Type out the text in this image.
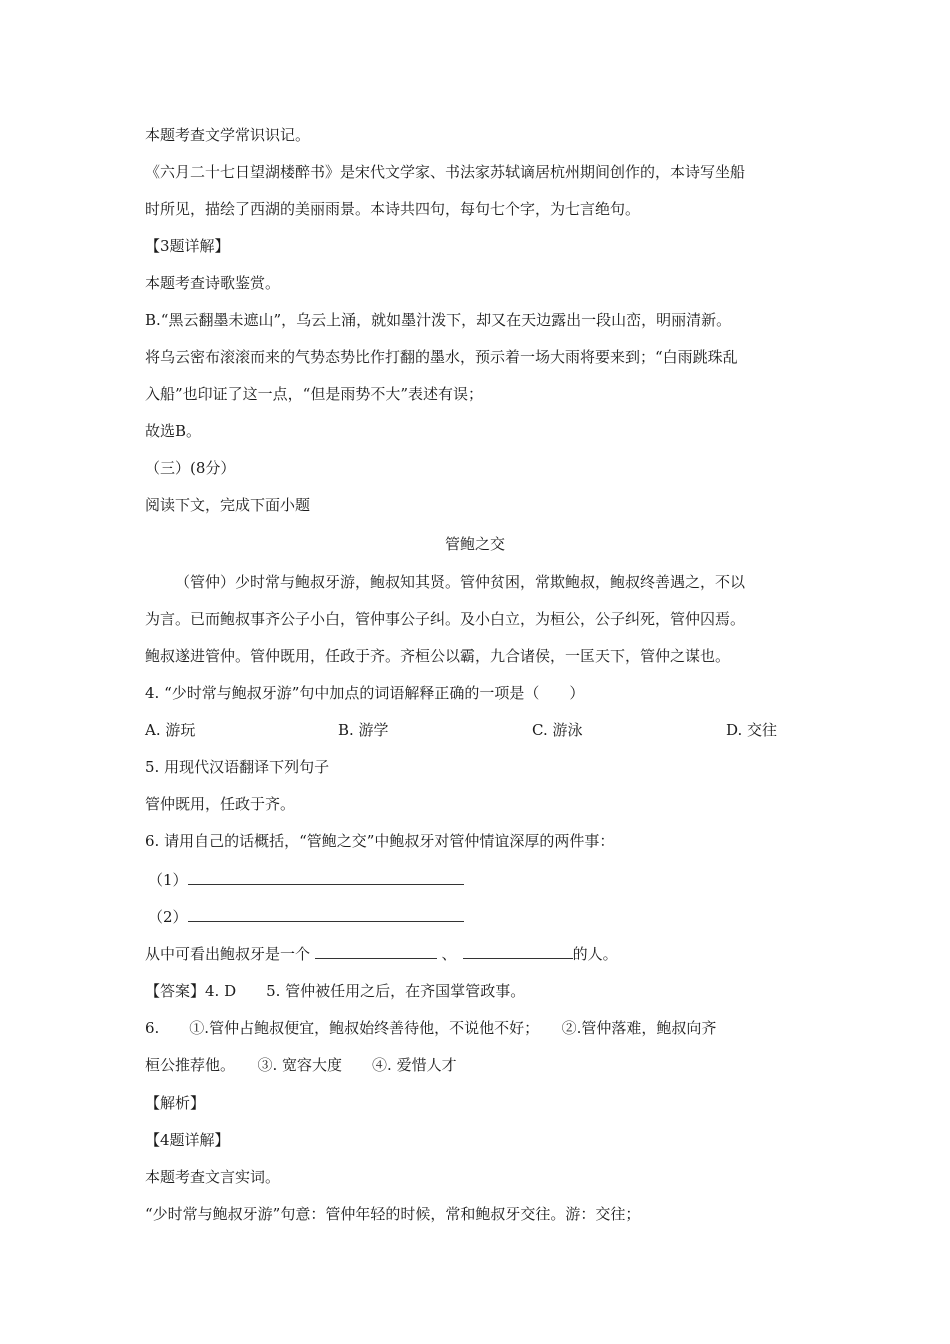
本题考查文学常识识记。
《六月二十七日望湖楼醉书》是宋代文学家、书法家苏轼谪居杭州期间创作的，本诗写坐船
时所见，描绘了西湖的美丽雨景。本诗共四句，每句七个字，为七言绝句。
【3题详解】
本题考查诗歌鉴赏。
B.“黑云翻墨未遮山”，乌云上涌，就如墨汁泼下，却又在天边露出一段山峦，明丽清新。
将乌云密布滚滚而来的气势态势比作打翻的墨水，预示着一场大雨将要来到；“白雨跳珠乱
入船”也印证了这一点，“但是雨势不大”表述有误；
故选B。
（三）(8分）
阅读下文，完成下面小题
管鲍之交
（管仲）少时常与鲍叔牙游，鲍叔知其贤。管仲贫困，常欺鲍叔，鲍叔终善遇之，不以
为言。已而鲍叔事齐公子小白，管仲事公子纠。及小白立，为桓公，公子纠死，管仲囚焉。
鲍叔遂进管仲。管仲既用，任政于齐。齐桓公以霸，九合诸侯，一匡天下，管仲之谋也。
4. “少时常与鲍叔牙游”句中加点的词语解释正确的一项是（　　）
A. 游玩	B. 游学	C. 游泳	D. 交往
5. 用现代汉语翻译下列句子
管仲既用，任政于齐。
6. 请用自己的话概括，“管鲍之交”中鲍叔牙对管仲情谊深厚的两件事：
（1）
（2）
从中可看出鲍叔牙是一个	、	的人。
【答案】4. D　　5. 管仲被任用之后，在齐国掌管政事。
6.　　①.管仲占鲍叔便宜，鲍叔始终善待他，不说他不好；　　②.管仲落难，鲍叔向齐
桓公推荐他。　　③. 宽容大度　　④. 爱惜人才
【解析】
【4题详解】
本题考查文言实词。
“少时常与鲍叔牙游”句意：管仲年轻的时候，常和鲍叔牙交往。游：交往；
